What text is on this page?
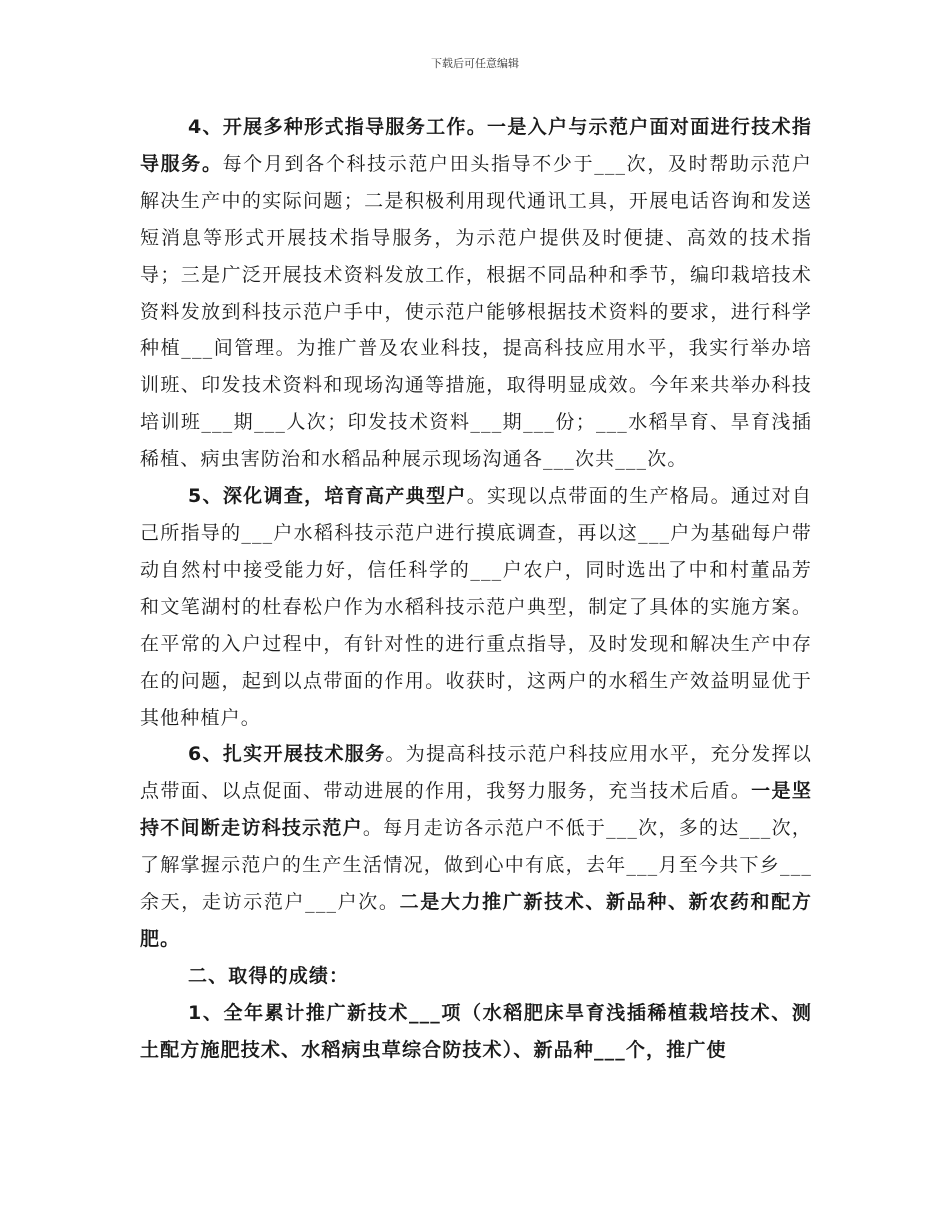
下载后可任意编辑

4、开展多种形式指导服务工作。一是入户与示范户面对面进行技术指导服务。每个月到各个科技示范户田头指导不少于___次，及时帮助示范户解决生产中的实际问题；二是积极利用现代通讯工具，开展电话咨询和发送短消息等形式开展技术指导服务，为示范户提供及时便捷、高效的技术指导；三是广泛开展技术资料发放工作，根据不同品种和季节，编印栽培技术资料发放到科技示范户手中，使示范户能够根据技术资料的要求，进行科学种植___间管理。为推广普及农业科技，提高科技应用水平，我实行举办培训班、印发技术资料和现场沟通等措施，取得明显成效。今年来共举办科技培训班___期___人次；印发技术资料___期___份；___水稻旱育、旱育浅插稀植、病虫害防治和水稻品种展示现场沟通各___次共___次。

5、深化调查，培育高产典型户。实现以点带面的生产格局。通过对自己所指导的___户水稻科技示范户进行摸底调查，再以这___户为基础每户带动自然村中接受能力好，信任科学的___户农户，同时选出了中和村董品芳和文笔湖村的杜春松户作为水稻科技示范户典型，制定了具体的实施方案。在平常的入户过程中，有针对性的进行重点指导，及时发现和解决生产中存在的问题，起到以点带面的作用。收获时，这两户的水稻生产效益明显优于其他种植户。

6、扎实开展技术服务。为提高科技示范户科技应用水平，充分发挥以点带面、以点促面、带动进展的作用，我努力服务，充当技术后盾。一是坚持不间断走访科技示范户。每月走访各示范户不低于___次，多的达___次，了解掌握示范户的生产生活情况，做到心中有底，去年___月至今共下乡___余天，走访示范户___户次。二是大力推广新技术、新品种、新农药和配方肥。

二、取得的成绩：

1、全年累计推广新技术___项（水稻肥床旱育浅插稀植栽培技术、测土配方施肥技术、水稻病虫草综合防技术）、新品种___个，推广使
